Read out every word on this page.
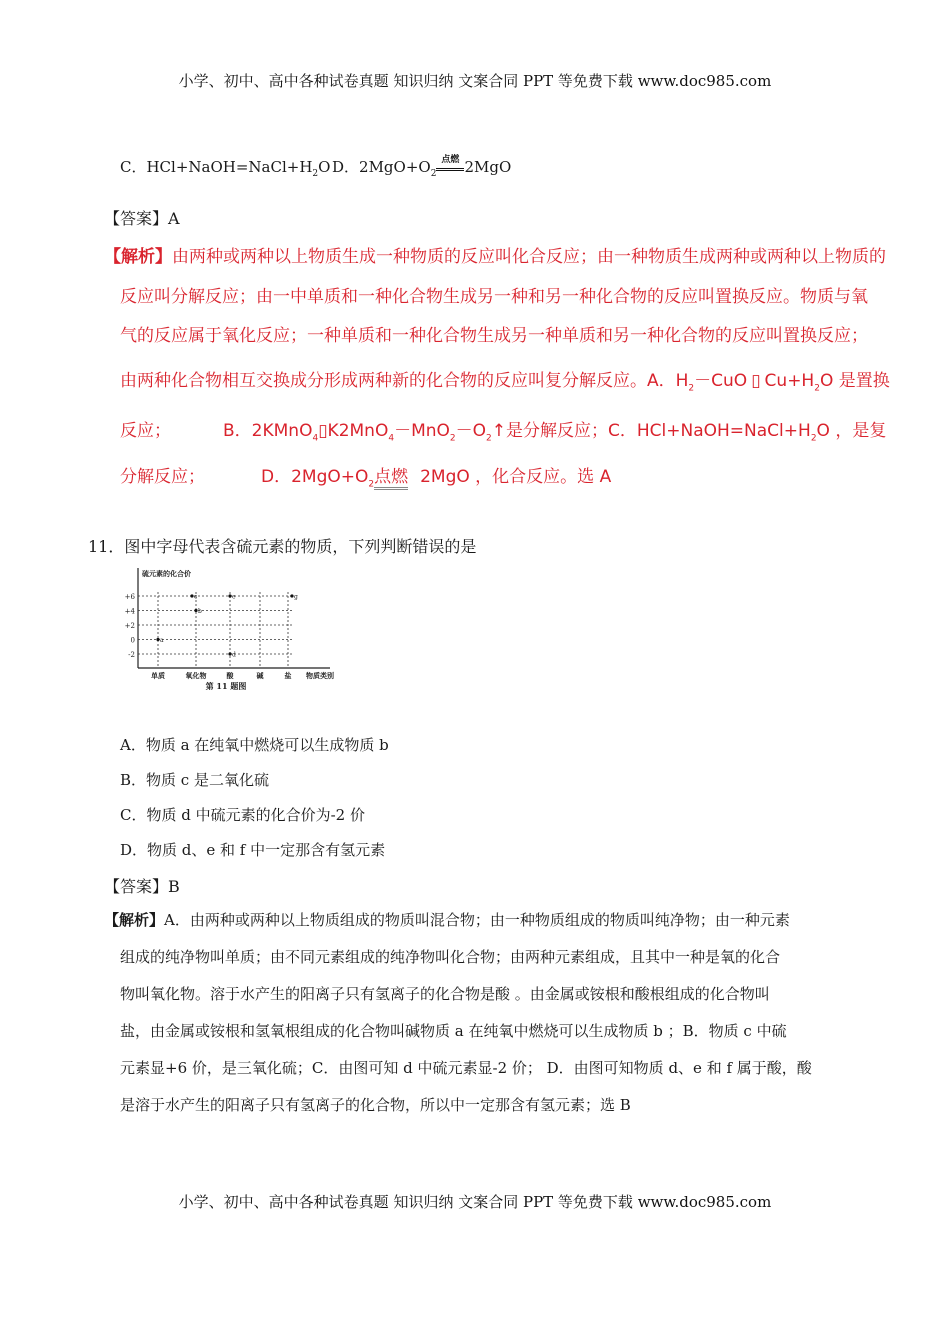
小学、初中、高中各种试卷真题 知识归纳 文案合同 PPT 等免费下载 www.doc985.com
C．$HCl+NaOH=NaCl+H_2O$ D．$2MgO+O_2$
点燃 2MgO
【答案】A
【解析】由两种或两种以上物质生成一种物质的反应叫化合反应；由一种物质生成两种或两种以上物质的
反应叫分解反应；由一中单质和一种化合物生成另一种和另一种化合物的反应叫置换反应。物质与氧
气的反应属于氧化反应；一种单质和一种化合物生成另一种单质和另一种化合物的反应叫置换反应；
由两种化合物相互交换成分形成两种新的化合物的反应叫复分解反应。A．$H_2-CuO$ ▯ $Cu+H_2O$ 是置换
反应；	B．$2KMnO_4▯K2MnO_4-MnO_2-O_2↑$是分解反应；C．$HCl+NaOH=NaCl+H_2O$ ，是复
分解反应；	D．$2MgO+O_2$点燃 2MgO ，化合反应。选 A
11．图中字母代表含硫元素的物质，下列判断错误的是
硫元素的化合价
+6
+4
+2
0
-2
单质	氧化物	酸	碱	盐 物质类别
第 11 题图
a
b
c	e
d
g
A．物质 a 在纯氧中燃烧可以生成物质 b
B．物质 c 是二氧化硫
C．物质 d 中硫元素的化合价为-2 价
D．物质 d、e 和 f 中一定那含有氢元素
【答案】B
【解析】A．由两种或两种以上物质组成的物质叫混合物；由一种物质组成的物质叫纯净物；由一种元素
组成的纯净物叫单质；由不同元素组成的纯净物叫化合物；由两种元素组成，且其中一种是氧的化合
物叫氧化物。溶于水产生的阳离子只有氢离子的化合物是酸 。由金属或铵根和酸根组成的化合物叫
盐，由金属或铵根和氢氧根组成的化合物叫碱物质 a 在纯氧中燃烧可以生成物质 b ；B．物质 c 中硫
元素显+6 价，是三氧化硫；C．由图可知 d 中硫元素显-2 价； D．由图可知物质 d、e 和 f 属于酸，酸
是溶于水产生的阳离子只有氢离子的化合物，所以中一定那含有氢元素；选 B
小学、初中、高中各种试卷真题 知识归纳 文案合同 PPT 等免费下载 www.doc985.com
